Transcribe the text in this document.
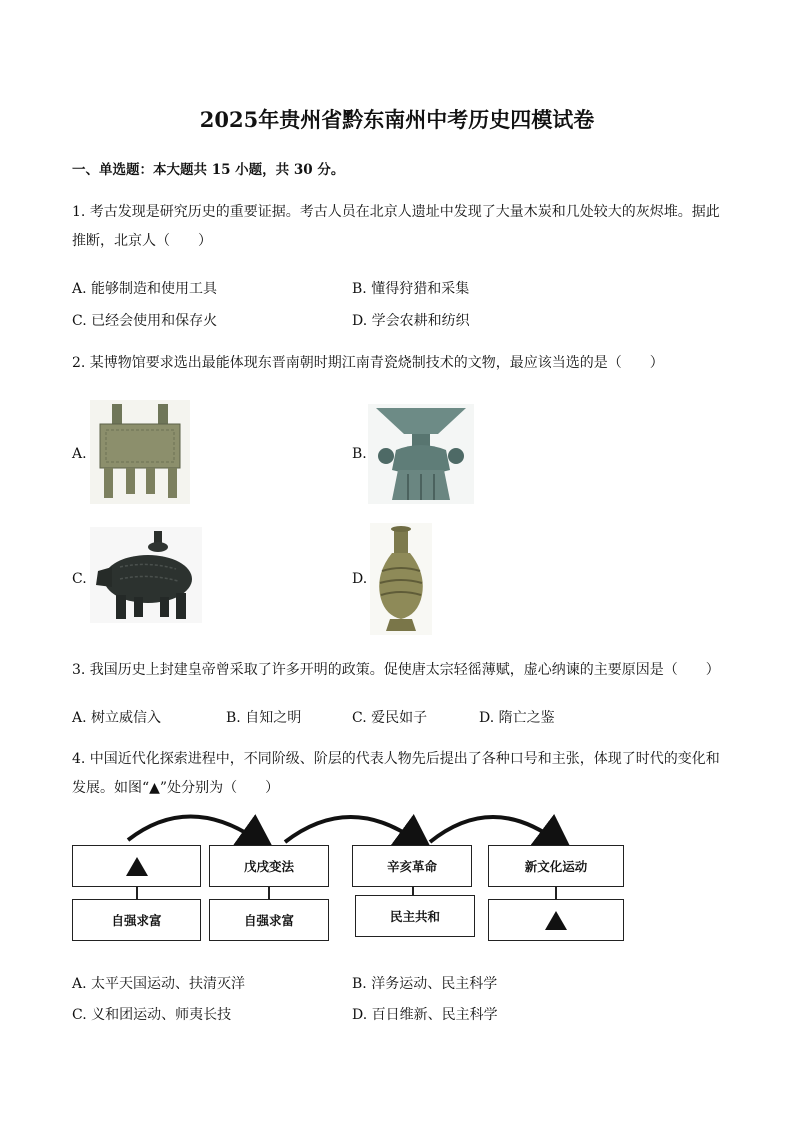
2025年贵州省黔东南州中考历史四模试卷
一、单选题：本大题共 15 小题，共 30 分。
1. 考古发现是研究历史的重要证据。考古人员在北京人遗址中发现了大量木炭和几处较大的灰烬堆。据此
推断，北京人（　　）
A. 能够制造和使用工具	B. 懂得狩猎和采集
C. 已经会使用和保存火	D. 学会农耕和纺织
2. 某博物馆要求选出最能体现东晋南朝时期江南青瓷烧制技术的文物，最应该当选的是（　　）
A.	B.
C.	D.
3. 我国历史上封建皇帝曾采取了许多开明的政策。促使唐太宗轻徭薄赋，虚心纳谏的主要原因是（　　）
A. 树立威信入	B. 自知之明	C. 爱民如子	D. 隋亡之鉴
4. 中国近代化探索进程中，不同阶级、阶层的代表人物先后提出了各种口号和主张，体现了时代的变化和
发展。如图“▲”处分别为（　　）
戊戌变法	辛亥革命	新文化运动
自强求富	自强求富	民主共和
A. 太平天国运动、扶清灭洋	B. 洋务运动、民主科学
C. 义和团运动、师夷长技	D. 百日维新、民主科学
